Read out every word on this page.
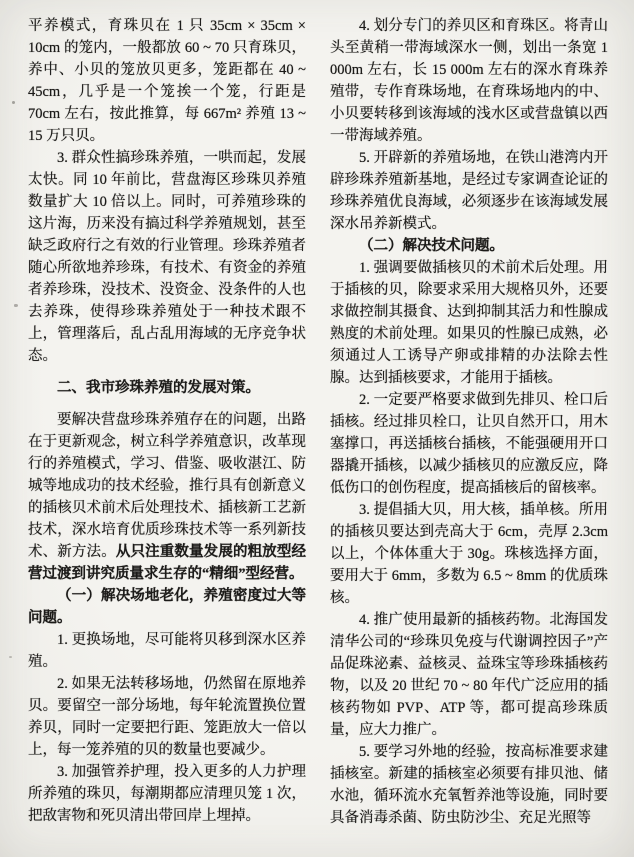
平养模式，育珠贝在 1 只 35cm × 35cm × 10cm 的笼内，一般都放 60 ~ 70 只育珠贝，养中、小贝的笼放贝更多，笼距都在 40 ~ 45cm，几乎是一个笼挨一个笼，行距是 70cm 左右，按此推算，每 667m² 养殖 13 ~ 15 万只贝。

3. 群众性搞珍珠养殖，一哄而起，发展太快。同 10 年前比，营盘海区珍珠贝养殖数量扩大 10 倍以上。同时，可养殖珍珠的这片海，历来没有搞过科学养殖规划，甚至缺乏政府行之有效的行业管理。珍珠养殖者随心所欲地养珍珠，有技术、有资金的养殖者养珍珠，没技术、没资金、没条件的人也去养珠，使得珍珠养殖处于一种技术跟不上，管理落后，乱占乱用海域的无序竞争状态。

二、我市珍珠养殖的发展对策。

要解决营盘珍珠养殖存在的问题，出路在于更新观念，树立科学养殖意识，改革现行的养殖模式，学习、借鉴、吸收湛江、防城等地成功的技术经验，推行具有创新意义的插核贝术前术后处理技术、插核新工艺新技术，深水培育优质珍珠技术等一系列新技术、新方法。从只注重数量发展的粗放型经营过渡到讲究质量求生存的“精细”型经营。

（一）解决场地老化，养殖密度过大等问题。

1. 更换场地，尽可能将贝移到深水区养殖。

2. 如果无法转移场地，仍然留在原地养贝。要留空一部分场地，每年轮流置换位置养贝，同时一定要把行距、笼距放大一倍以上，每一笼养殖的贝的数量也要减少。

3. 加强管养护理，投入更多的人力护理所养殖的珠贝，每潮期都应清理贝笼 1 次，把敌害物和死贝清出带回岸上埋掉。

4. 划分专门的养贝区和育珠区。将青山头至黄稍一带海域深水一侧，划出一条宽 1 000m 左右，长 15 000m 左右的深水育珠养殖带，专作育珠场地，在育珠场地内的中、小贝要转移到该海域的浅水区或营盘镇以西一带海域养殖。

5. 开辟新的养殖场地，在铁山港湾内开辟珍珠养殖新基地，是经过专家调查论证的珍珠养殖优良海域，必须逐步在该海域发展深水吊养新模式。

（二）解决技术问题。

1. 强调要做插核贝的术前术后处理。用于插核的贝，除要求采用大规格贝外，还要求做控制其摄食、达到抑制其活力和性腺成熟度的术前处理。如果贝的性腺已成熟，必须通过人工诱导产卵或排精的办法除去性腺。达到插核要求，才能用于插核。

2. 一定要严格要求做到先排贝、栓口后插核。经过排贝栓口，让贝自然开口，用木塞撑口，再送插核台插核，不能强硬用开口器撬开插核，以减少插核贝的应激反应，降低伤口的创伤程度，提高插核后的留核率。

3. 提倡插大贝，用大核，插单核。所用的插核贝要达到壳高大于 6cm，壳厚 2.3cm 以上，个体体重大于 30g。珠核选择方面，要用大于 6mm，多数为 6.5 ~ 8mm 的优质珠核。

4. 推广使用最新的插核药物。北海国发清华公司的“珍珠贝免疫与代谢调控因子”产品促珠泌素、益核灵、益珠宝等珍珠插核药物，以及 20 世纪 70 ~ 80 年代广泛应用的插核药物如 PVP、ATP 等，都可提高珍珠质量，应大力推广。

5. 要学习外地的经验，按高标准要求建插核室。新建的插核室必须要有排贝池、储水池，循环流水充氧暂养池等设施，同时要具备消毒杀菌、防虫防沙尘、充足光照等
